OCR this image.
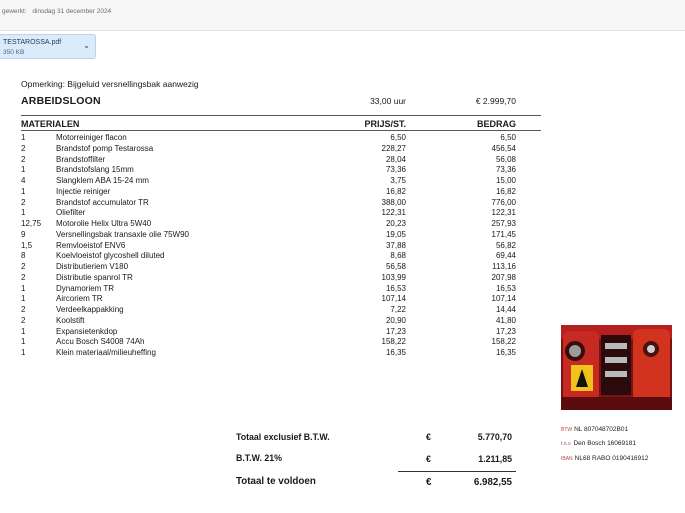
gewerkt: dinsdag 31 december 2024
TESTAROSSA.pdf
350 KB
⌄
Opmerking: Bijgeluid versnellingsbak aanwezig
ARBEIDSLOON	33,00 uur	€ 2.999,70
MATERIALEN	PRIJS/ST.	BEDRAG
1	Motorreiniger flacon	6,50	6,50
2	Brandstof pomp Testarossa	228,27	456,54
2	Brandstoffilter	28,04	56,08
1	Brandstofslang 15mm	73,36	73,36
4	Slangklem ABA 15-24 mm	3,75	15,00
1	Injectie reiniger	16,82	16,82
2	Brandstof accumulator TR	388,00	776,00
1	Oliefilter	122,31	122,31
12,75 Motorolie Helix Ultra 5W40	20,23	257,93
9	Versnellingsbak transaxle olie 75W90	19,05	171,45
1,5	Remvloeistof ENV6	37,88	56,82
8	Koelvloeistof glycoshell diluted	8,68	69,44
2	Distributieriem V180	56,58	113,16
2	Distributie spanrol TR	103,99	207,98
1	Dynamoriem TR	16,53	16,53
1	Aircoriem TR	107,14	107,14
2	Verdeelkappakking	7,22	14,44
2	Koolstift	20,90	41,80
1	Expansietenkdop	17,23	17,23
1	Accu Bosch S4008 74Ah	158,22	158,22
1	Klein materiaal/milieuheffing	16,35	16,35
Totaal exclusief B.T.W.	€	5.770,70
B.T.W. 21%	€	1.211,85
Totaal te voldoen	€	6.982,55
BTW NL 807048702B01
t.n.v. Den Bosch 16069181
IBAN NL68 RABO 0190416912
